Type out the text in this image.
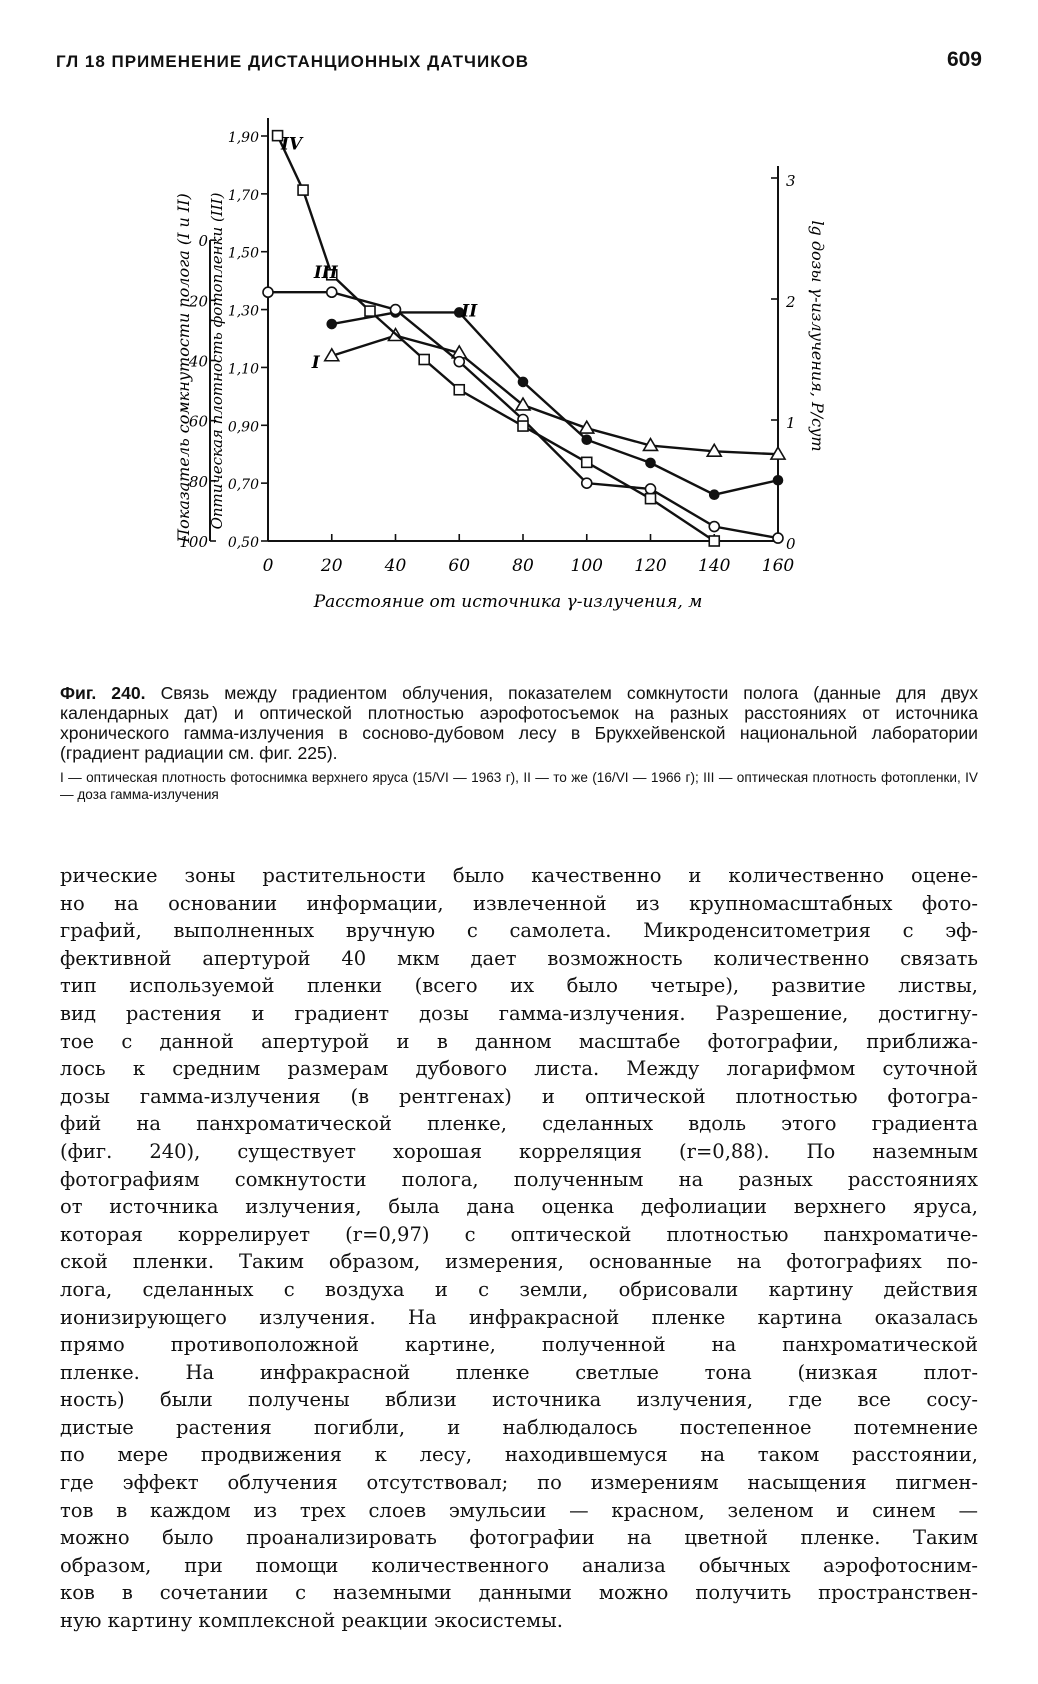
ГЛ 18 ПРИМЕНЕНИЕ ДИСТАНЦИОННЫХ ДАТЧИКОВ	609
0	20 40 60 80 100 120 140 160
1,90
1,70
1,50
1,30
1,10
0,90
0,70
0,50
0
20
40
60
80
100
3
2
1
0
Расстояние от источника γ-излучения, м
Показатель сомкнутости полога (I и II) Оптическая плотность фотопленки (III)	lg дозы γ-излучения, Р/сут
I
II
III
IV

Фиг. 240. Связь между градиентом облучения, показателем сомкнутости полога (данные для двух календарных дат) и оптической плотностью аэрофотосъемок на разных расстояниях от источника хронического гамма-излучения в сосново-дубовом лесу в Брукхейвенской национальной лаборатории (градиент радиации см. фиг. 225).

I — оптическая плотность фотоснимка верхнего яруса (15/VI — 1963 г), II — то же (16/VI — 1966 г); III — оптическая плотность фотопленки, IV — доза гамма-излучения

рические зоны растительности было качественно и количественно оцене-
но на основании информации, извлеченной из крупномасштабных фото-
графий, выполненных вручную с самолета. Микроденситометрия с эф-
фективной апертурой 40 мкм дает возможность количественно связать
тип используемой пленки (всего их было четыре), развитие листвы,
вид растения и градиент дозы гамма-излучения. Разрешение, достигну-
тое с данной апертурой и в данном масштабе фотографии, приближа-
лось к средним размерам дубового листа. Между логарифмом суточной
дозы гамма-излучения (в рентгенах) и оптической плотностью фотогра-
фий на панхроматической пленке, сделанных вдоль этого градиента
(фиг. 240), существует хорошая корреляция (r=0,88). По наземным
фотографиям сомкнутости полога, полученным на разных расстояниях
от источника излучения, была дана оценка дефолиации верхнего яруса,
которая коррелирует (r=0,97) с оптической плотностью панхроматиче-
ской пленки. Таким образом, измерения, основанные на фотографиях по-
лога, сделанных с воздуха и с земли, обрисовали картину действия
ионизирующего излучения. На инфракрасной пленке картина оказалась
прямо противоположной картине, полученной на панхроматической
пленке. На инфракрасной пленке светлые тона (низкая плот-
ность) были получены вблизи источника излучения, где все сосу-
дистые растения погибли, и наблюдалось постепенное потемнение
по мере продвижения к лесу, находившемуся на таком расстоянии,
где эффект облучения отсутствовал; по измерениям насыщения пигмен-
тов в каждом из трех слоев эмульсии — красном, зеленом и синем —
можно было проанализировать фотографии на цветной пленке. Таким
образом, при помощи количественного анализа обычных аэрофотосним-
ков в сочетании с наземными данными можно получить пространствен-
ную картину комплексной реакции экосистемы.
